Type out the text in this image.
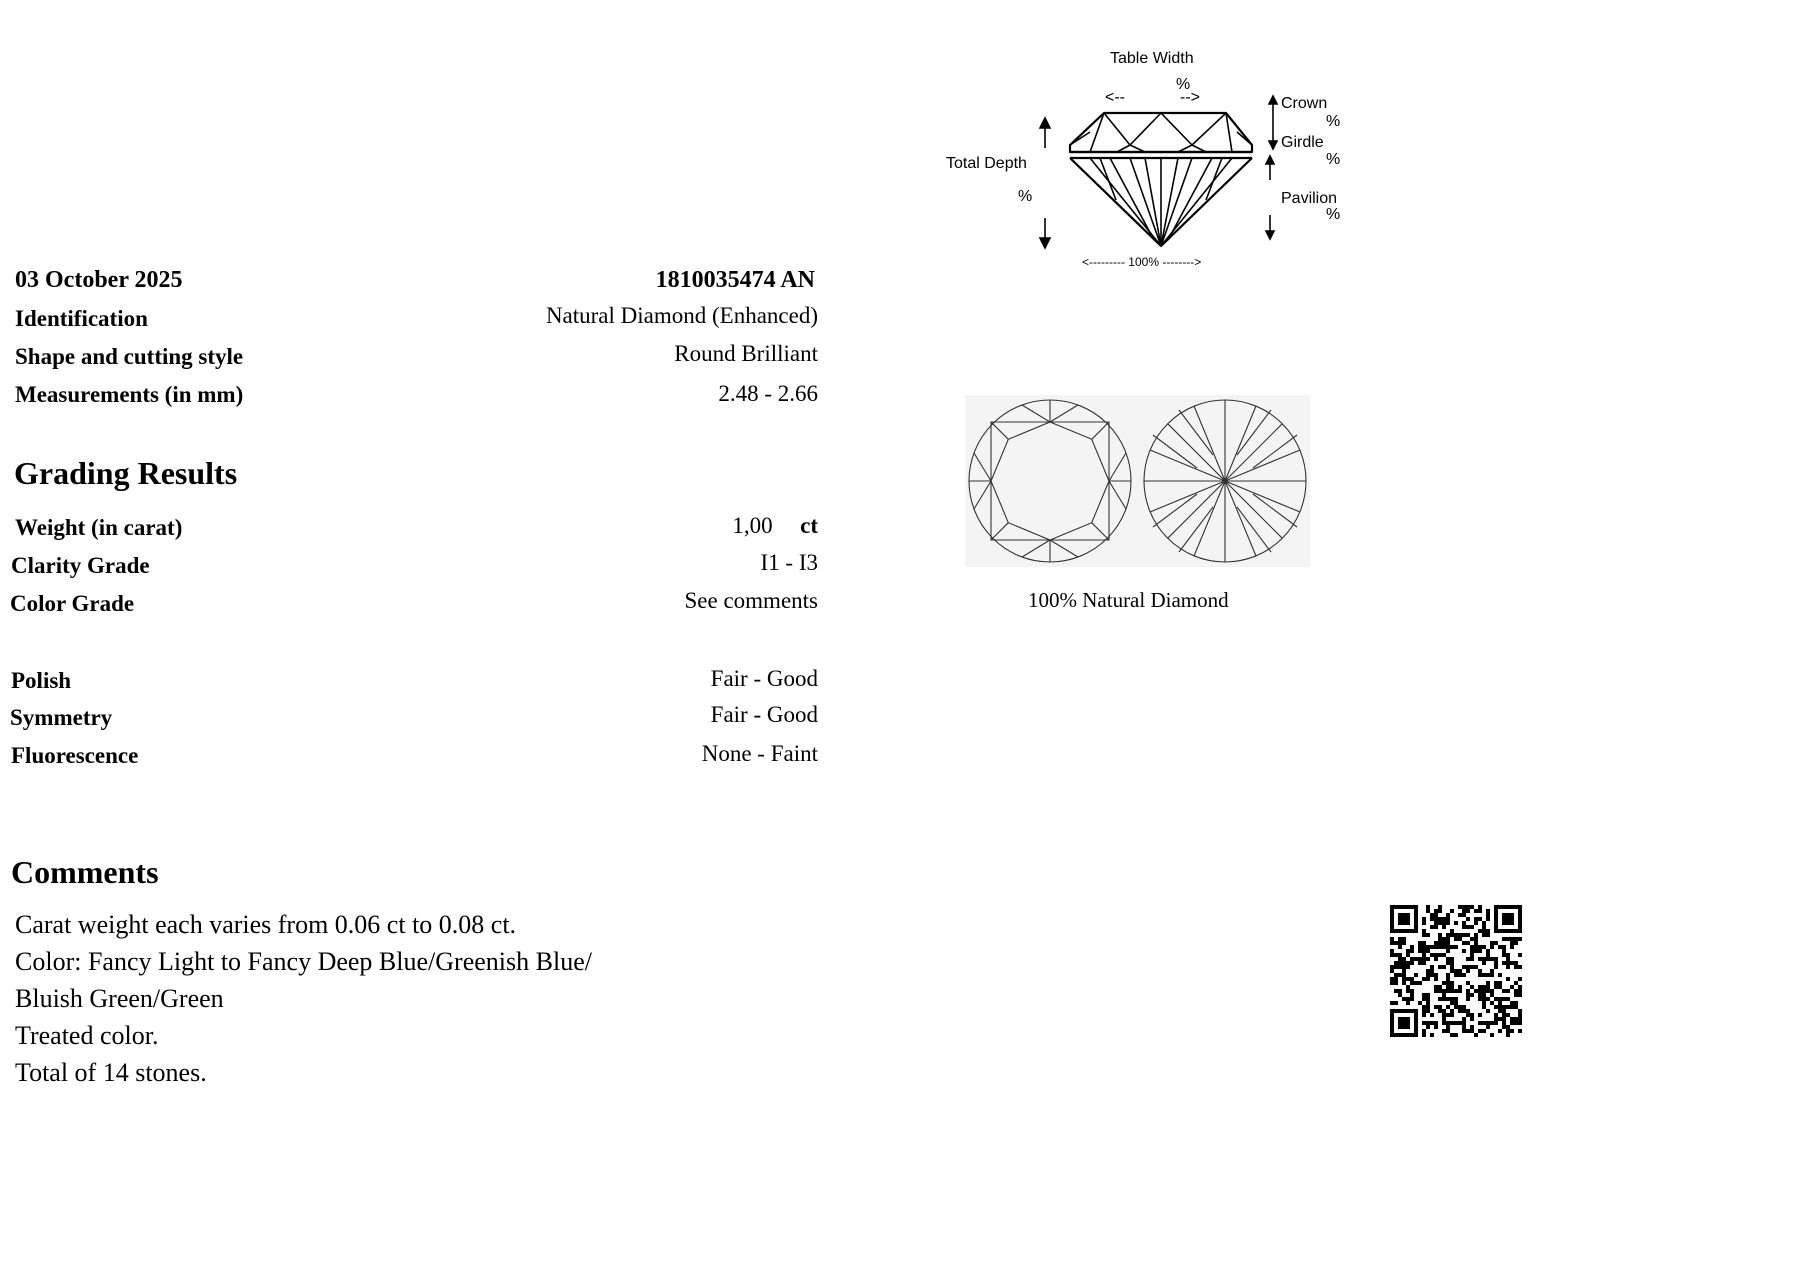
03 October 2025	1810035474 AN
Identification	Natural Diamond (Enhanced)
Shape and cutting style	Round Brilliant
Measurements (in mm)	2.48 - 2.66
Grading Results
Weight (in carat)	1,00 ct
Clarity Grade	I1 - I3
Color Grade	See comments
Polish	Fair - Good
Symmetry	Fair - Good
Fluorescence	None - Faint
Comments
Carat weight each varies from 0.06 ct to 0.08 ct.
Color: Fancy Light to Fancy Deep Blue/Greenish Blue/
Bluish Green/Green
Treated color.
Total of 14 stones.
Table Width
%
<--	-->	Crown
%
Girdle
%
Pavilion
%
Total Depth
%
<--------- 100% -------->
100% Natural Diamond
